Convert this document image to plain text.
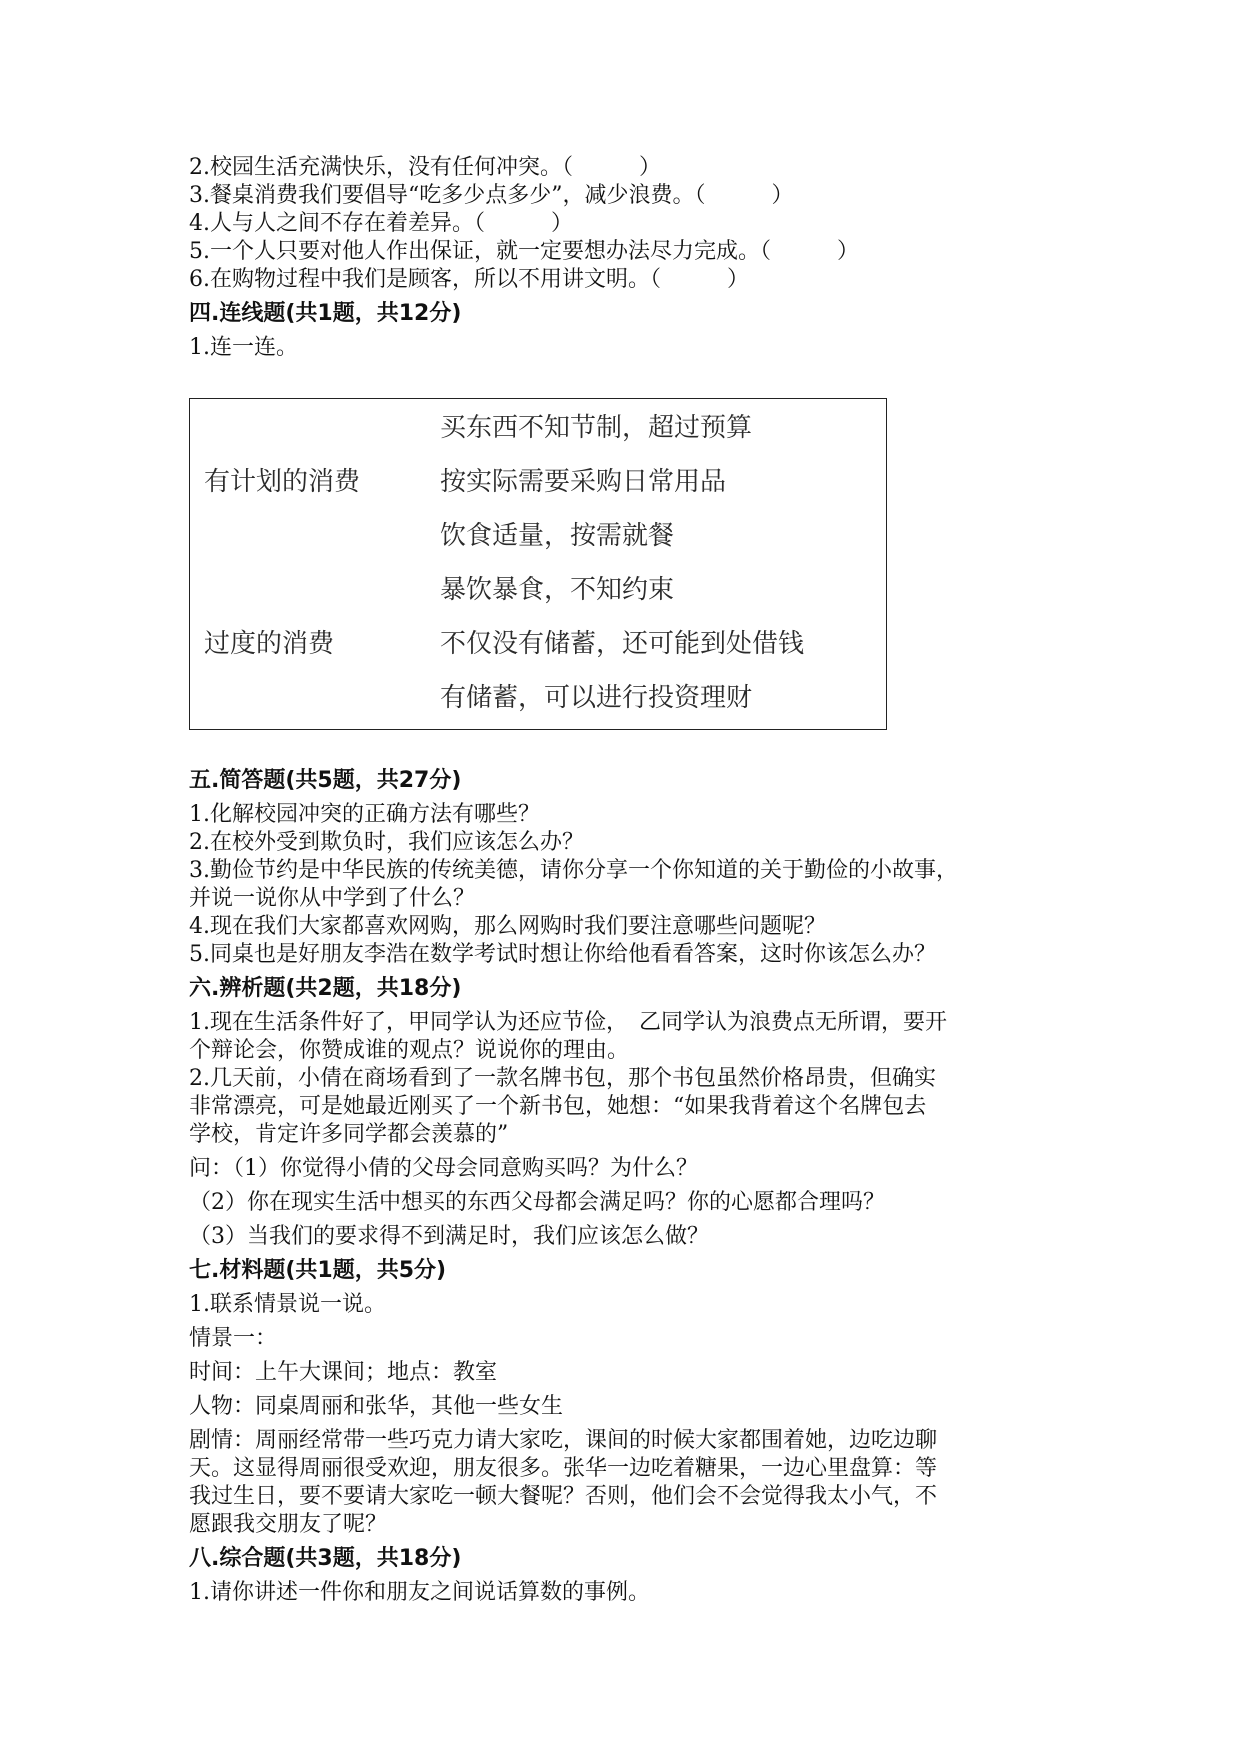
2.校园生活充满快乐，没有任何冲突。（　　　）
3.餐桌消费我们要倡导“吃多少点多少”，减少浪费。（　　　）
4.人与人之间不存在着差异。（　　　）
5.一个人只要对他人作出保证，就一定要想办法尽力完成。（　　　）
6.在购物过程中我们是顾客，所以不用讲文明。（　　　）
四.连线题(共1题，共12分)
1.连一连。
买东西不知节制，超过预算
有计划的消费	按实际需要采购日常用品
饮食适量，按需就餐
暴饮暴食，不知约束
过度的消费	不仅没有储蓄，还可能到处借钱
有储蓄，可以进行投资理财
五.简答题(共5题，共27分)
1.化解校园冲突的正确方法有哪些？
2.在校外受到欺负时，我们应该怎么办？
3.勤俭节约是中华民族的传统美德，请你分享一个你知道的关于勤俭的小故事，
并说一说你从中学到了什么？
4.现在我们大家都喜欢网购，那么网购时我们要注意哪些问题呢？
5.同桌也是好朋友李浩在数学考试时想让你给他看看答案，这时你该怎么办？
六.辨析题(共2题，共18分)
1.现在生活条件好了，甲同学认为还应节俭，　乙同学认为浪费点无所谓，要开
个辩论会，你赞成谁的观点？说说你的理由。
2.几天前，小倩在商场看到了一款名牌书包，那个书包虽然价格昂贵，但确实
非常漂亮，可是她最近刚买了一个新书包，她想：“如果我背着这个名牌包去
学校，肯定许多同学都会羡慕的”
问：（1）你觉得小倩的父母会同意购买吗？为什么？
（2）你在现实生活中想买的东西父母都会满足吗？你的心愿都合理吗？
（3）当我们的要求得不到满足时，我们应该怎么做？
七.材料题(共1题，共5分)
1.联系情景说一说。
情景一：
时间：上午大课间；地点：教室
人物：同桌周丽和张华，其他一些女生
剧情：周丽经常带一些巧克力请大家吃，课间的时候大家都围着她，边吃边聊
天。这显得周丽很受欢迎，朋友很多。张华一边吃着糖果，一边心里盘算：等
我过生日，要不要请大家吃一顿大餐呢？否则，他们会不会觉得我太小气，不
愿跟我交朋友了呢？
八.综合题(共3题，共18分)
1.请你讲述一件你和朋友之间说话算数的事例。
